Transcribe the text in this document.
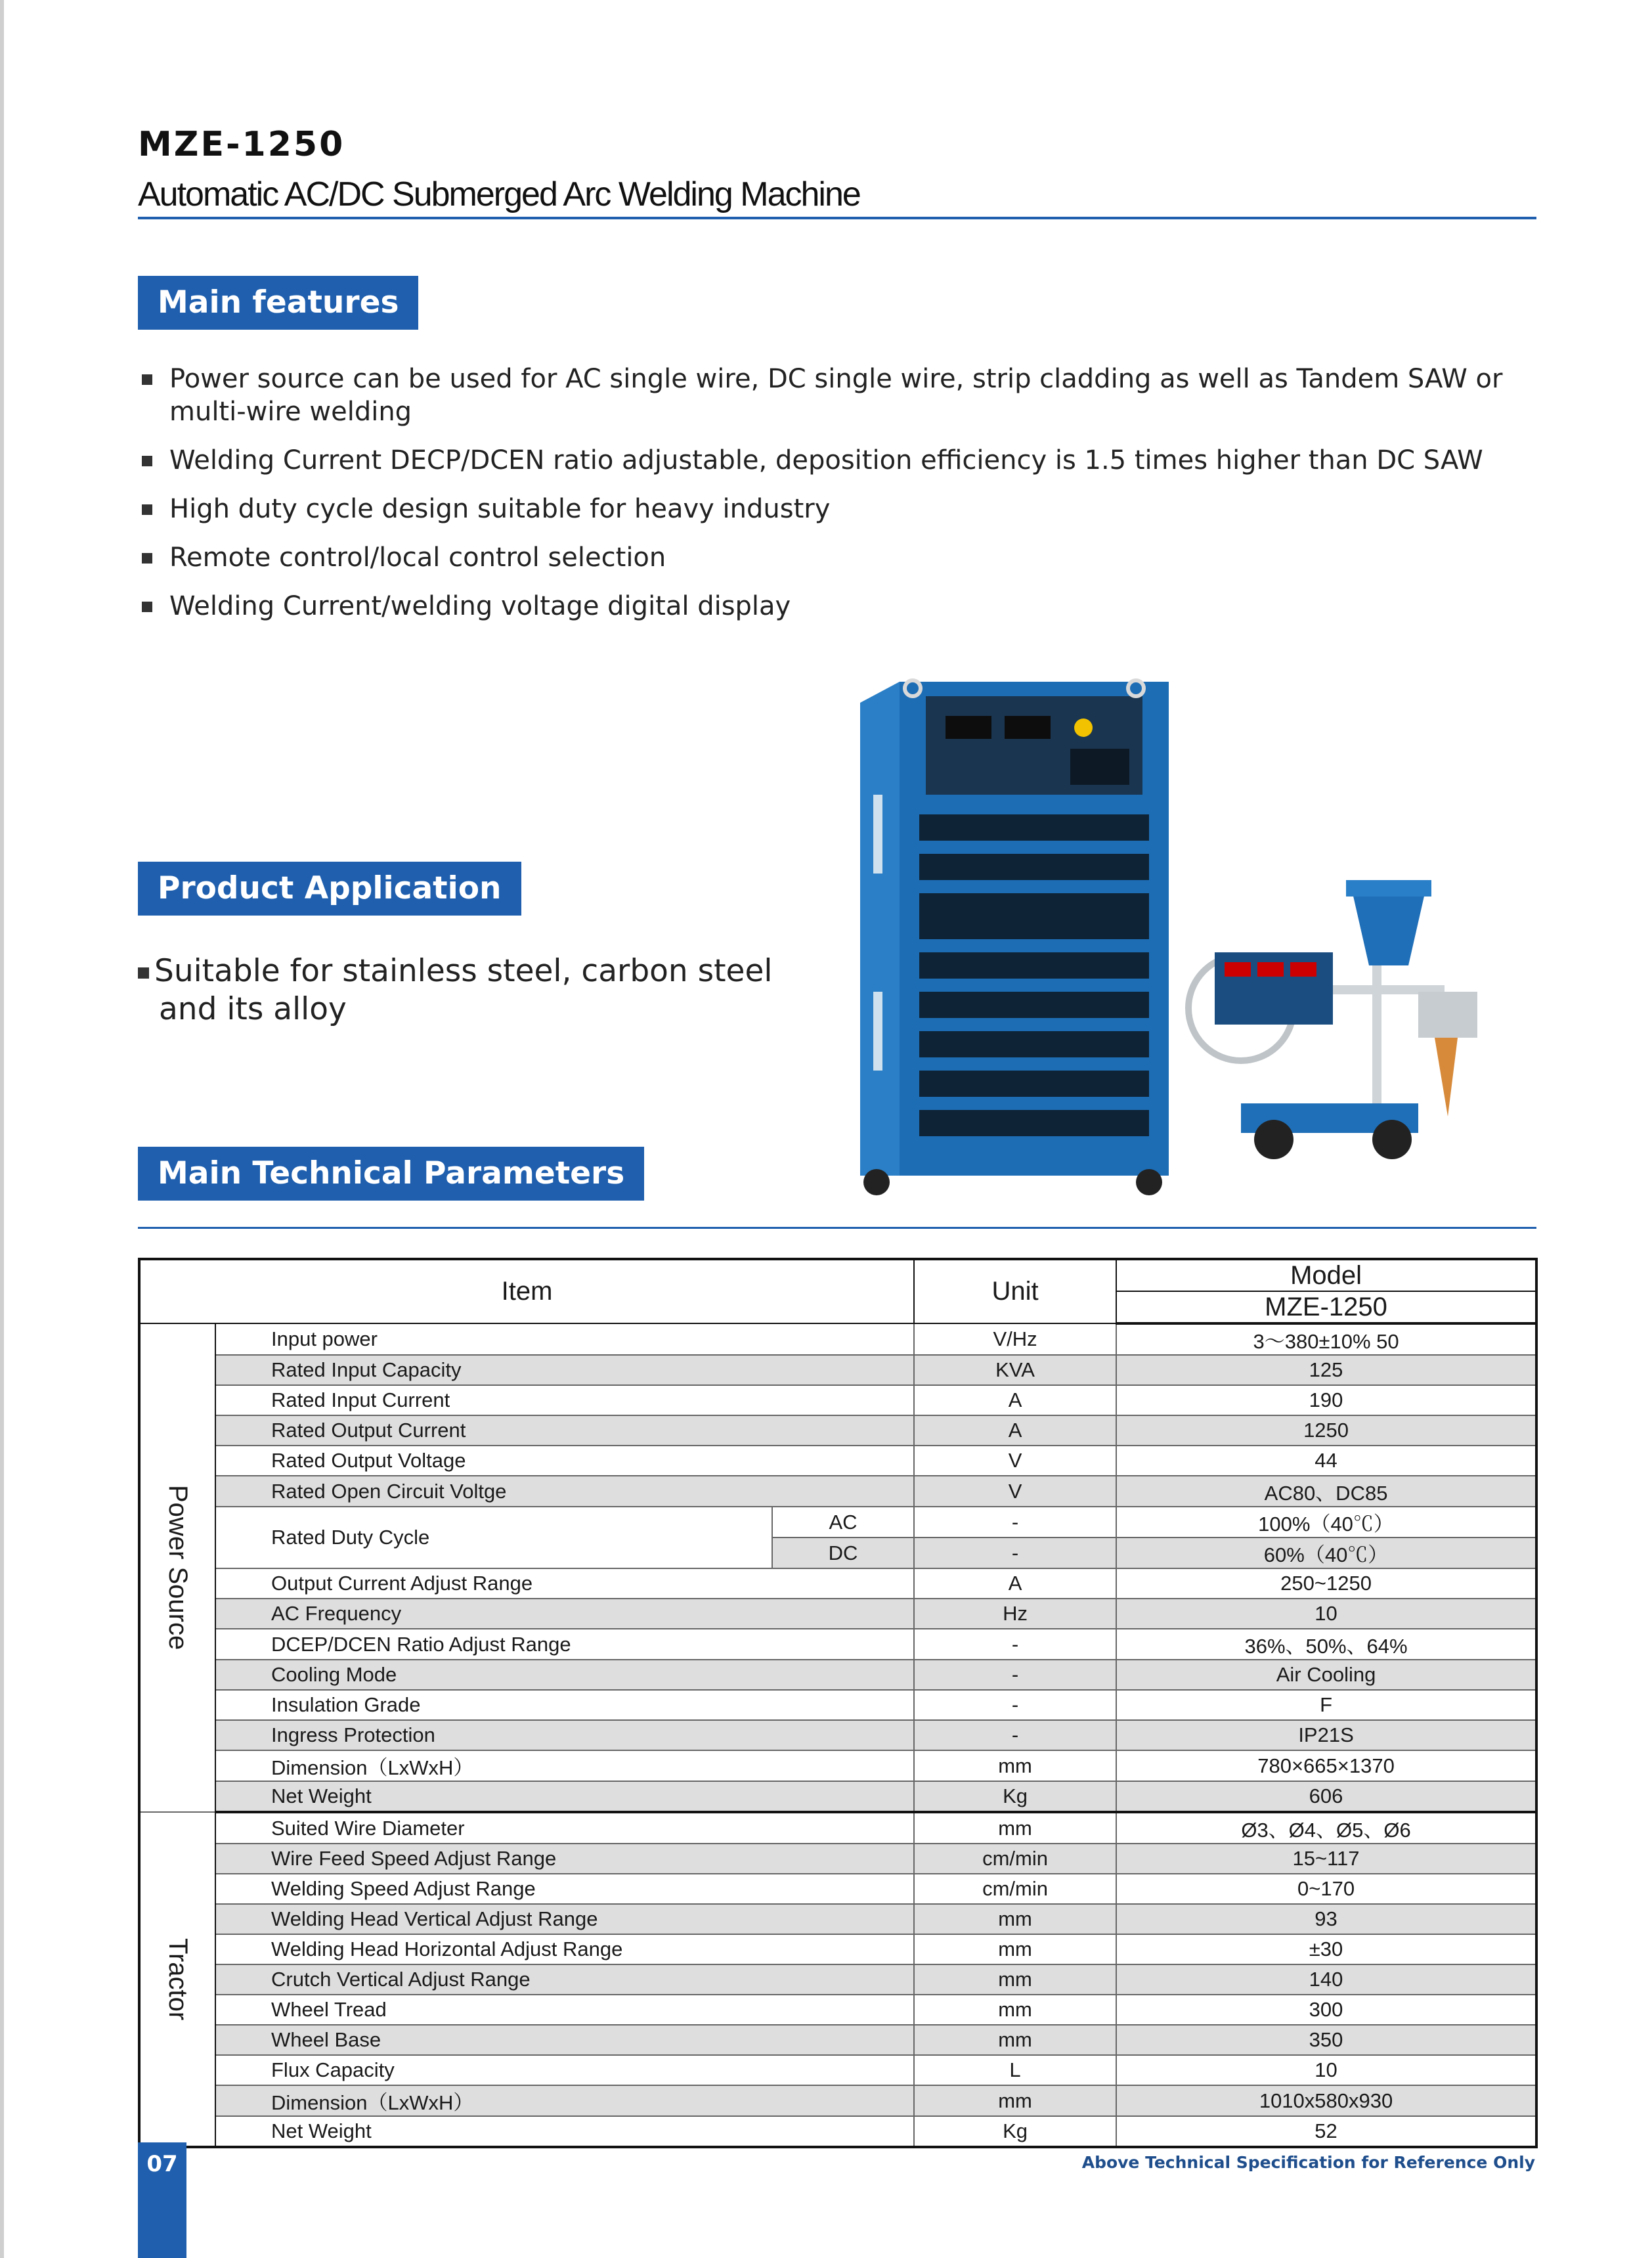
MZE-1250
Automatic AC/DC Submerged Arc Welding Machine
Main features
Power source can be used for AC single wire, DC single wire, strip cladding as well as Tandem SAW or multi-wire welding
Welding Current DECP/DCEN ratio adjustable, deposition efficiency is 1.5 times higher than DC SAW
High duty cycle design suitable for heavy industry
Remote control/local control selection
Welding Current/welding voltage digital display
Product Application
Suitable for stainless steel, carbon steel
and its alloy
Main Technical Parameters
Item			Unit	Model
				MZE-1250

Power Source	Input power		V/Hz	3～380±10% 50
	Rated Input Capacity		KVA	125
	Rated Input Current		A	190
	Rated Output Current		A	1250
	Rated Output Voltage		V	44
	Rated Open Circuit Voltge		V	AC80、DC85
	Rated Duty Cycle	AC	-	100%（40℃）
		DC	-	60%（40℃）
	Output Current Adjust Range		A	250~1250
	AC Frequency		Hz	10
	DCEP/DCEN Ratio Adjust Range		-	36%、50%、64%
	Cooling Mode		-	Air Cooling
	Insulation Grade		-	F
	Ingress Protection		-	IP21S
	Dimension（LxWxH）		mm	780×665×1370
	Net Weight		Kg	606

Tractor	Suited Wire Diameter		mm	Ø3、Ø4、Ø5、Ø6
	Wire Feed Speed Adjust Range		cm/min	15~117
	Welding Speed Adjust Range		cm/min	0~170
	Welding Head Vertical Adjust Range		mm	93
	Welding Head Horizontal Adjust Range		mm	±30
	Crutch Vertical Adjust Range		mm	140
	Wheel Tread		mm	300
	Wheel Base		mm	350
	Flux Capacity		L	10
	Dimension（LxWxH）		mm	1010x580x930
	Net Weight		Kg	52
07	Above Technical Specification for Reference Only
